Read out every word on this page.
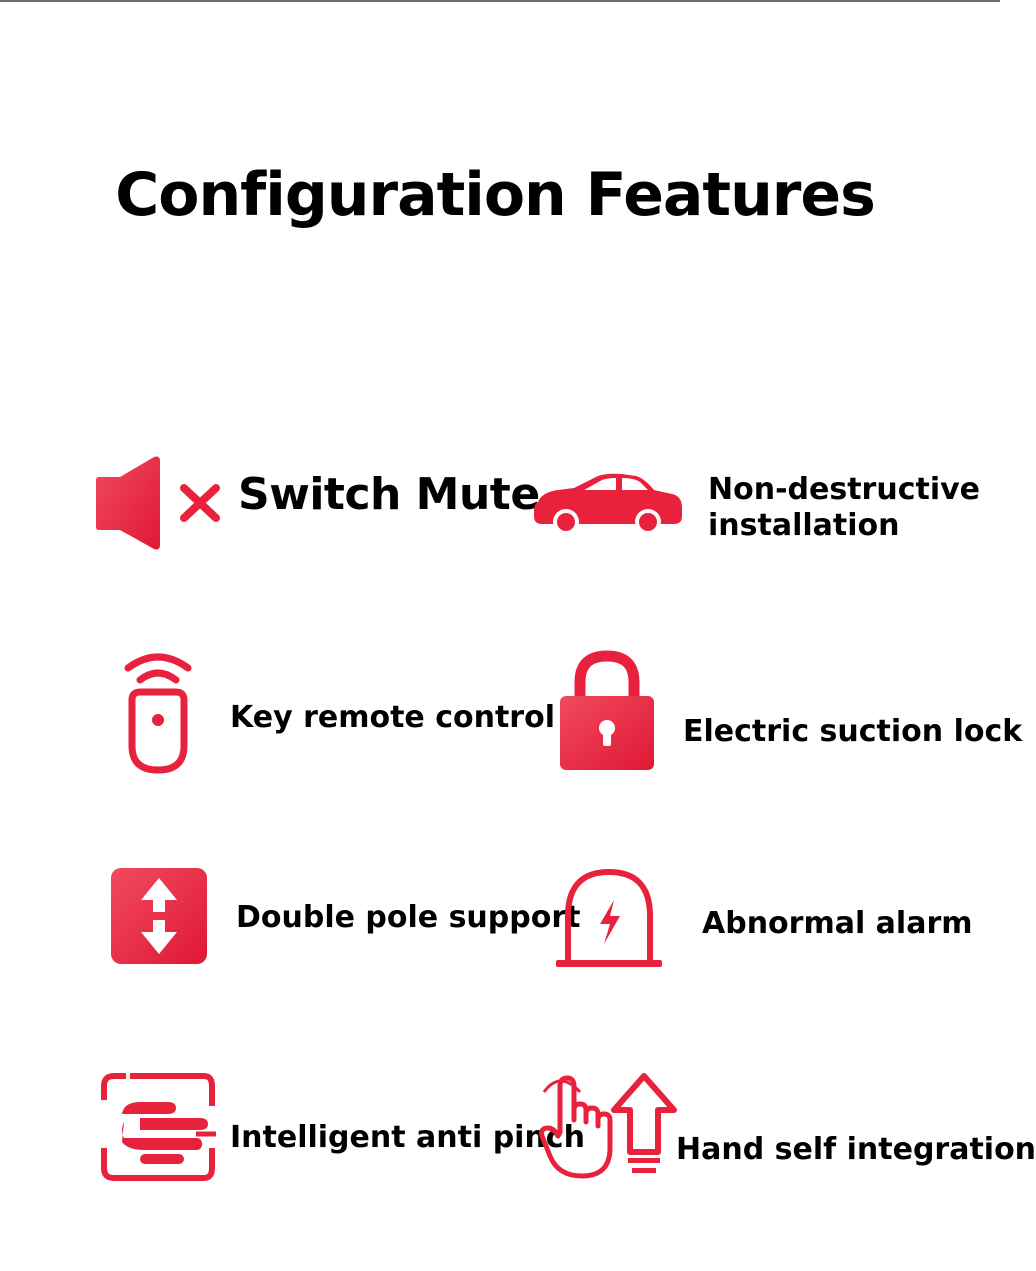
Configuration Features
Switch Mute	Non-destructive
installation
Key remote control	Electric suction lock
Double pole support	Abnormal alarm
Intelligent anti pinch	Hand self integration
